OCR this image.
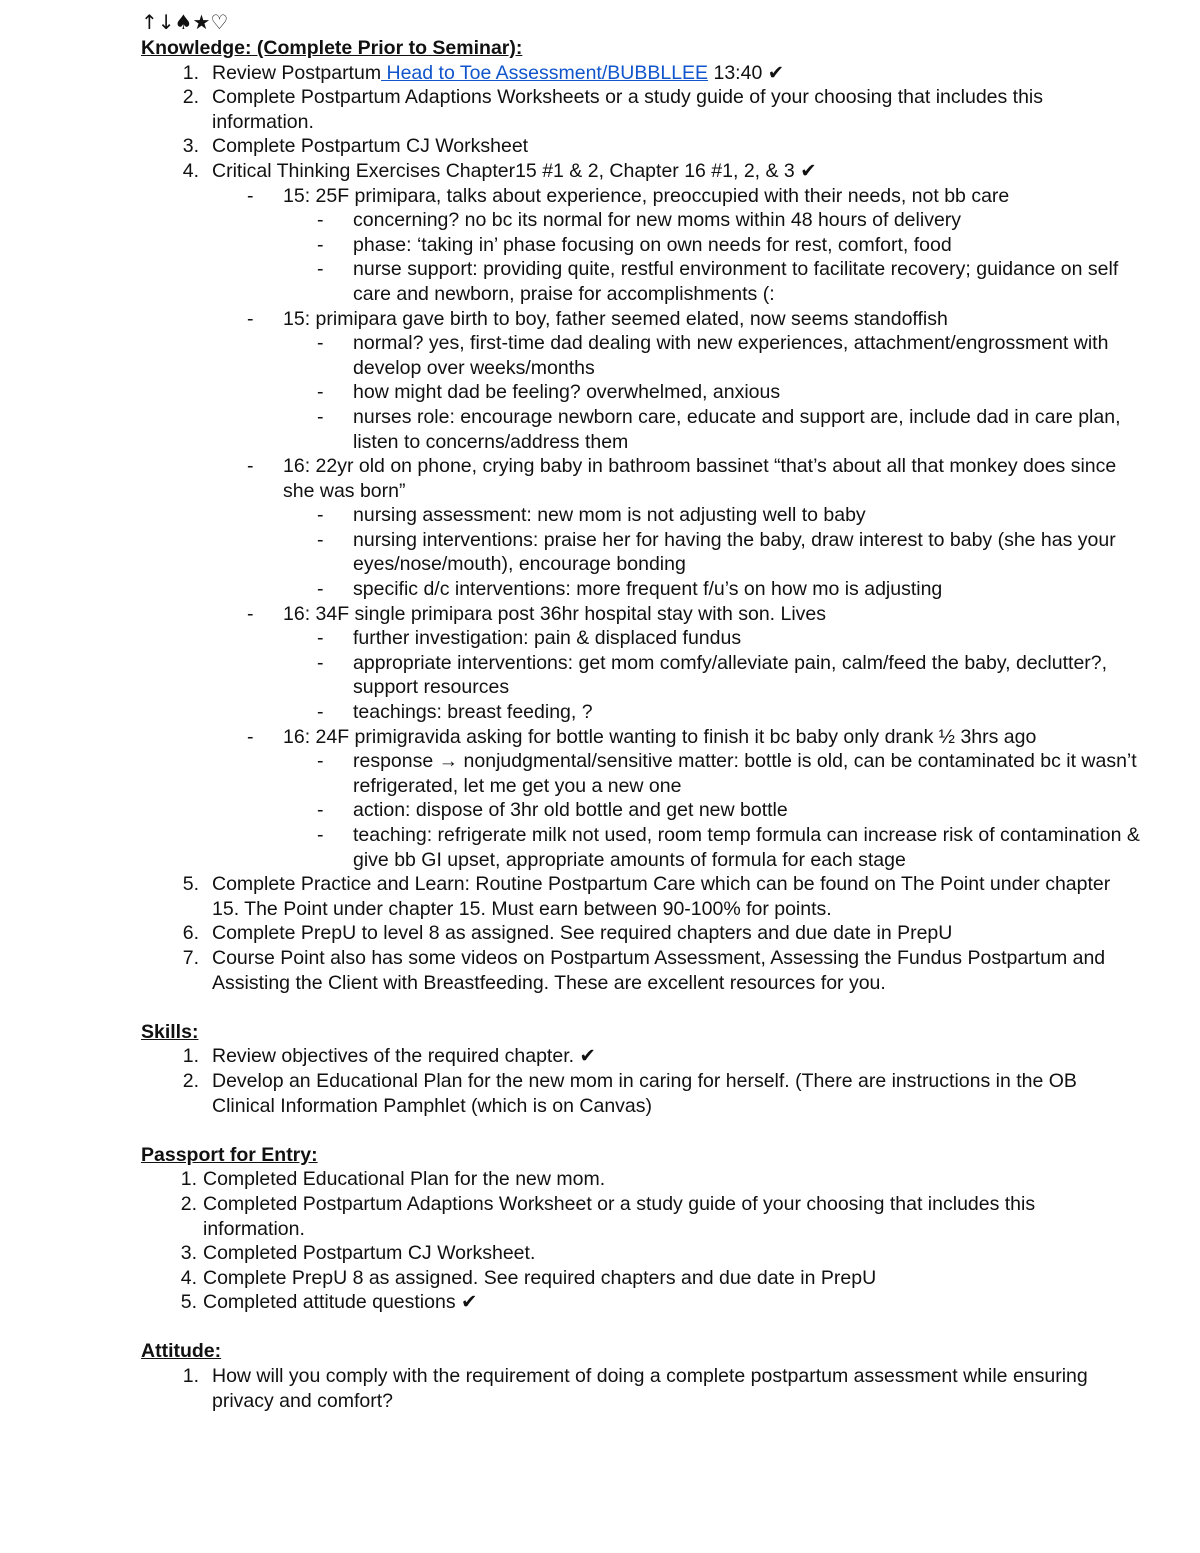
↑↓♠★♡

Knowledge: (Complete Prior to Seminar):

1. Review Postpartum Head to Toe Assessment/BUBBLLEE 13:40 ✔
2. Complete Postpartum Adaptions Worksheets or a study guide of your choosing that includes this information.
3. Complete Postpartum CJ Worksheet
4. Critical Thinking Exercises Chapter15 #1 & 2, Chapter 16 #1, 2, & 3 ✔
- 15: 25F primipara, talks about experience, preoccupied with their needs, not bb care
- concerning? no bc its normal for new moms within 48 hours of delivery
- phase: ‘taking in’ phase focusing on own needs for rest, comfort, food
- nurse support: providing quite, restful environment to facilitate recovery; guidance on self care and newborn, praise for accomplishments (:
- 15: primipara gave birth to boy, father seemed elated, now seems standoffish
- normal? yes, first-time dad dealing with new experiences, attachment/engrossment with develop over weeks/months
- how might dad be feeling? overwhelmed, anxious
- nurses role: encourage newborn care, educate and support are, include dad in care plan, listen to concerns/address them
- 16: 22yr old on phone, crying baby in bathroom bassinet “that’s about all that monkey does since she was born”
- nursing assessment: new mom is not adjusting well to baby
- nursing interventions: praise her for having the baby, draw interest to baby (she has your eyes/nose/mouth), encourage bonding
- specific d/c interventions: more frequent f/u’s on how mo is adjusting
- 16: 34F single primipara post 36hr hospital stay with son. Lives
- further investigation: pain & displaced fundus
- appropriate interventions: get mom comfy/alleviate pain, calm/feed the baby, declutter?, support resources
- teachings: breast feeding, ?
- 16: 24F primigravida asking for bottle wanting to finish it bc baby only drank ½ 3hrs ago
- response → nonjudgmental/sensitive matter: bottle is old, can be contaminated bc it wasn’t refrigerated, let me get you a new one
- action: dispose of 3hr old bottle and get new bottle
- teaching: refrigerate milk not used, room temp formula can increase risk of contamination & give bb GI upset, appropriate amounts of formula for each stage
5. Complete Practice and Learn: Routine Postpartum Care which can be found on The Point under chapter 15. The Point under chapter 15. Must earn between 90-100% for points.
6. Complete PrepU to level 8 as assigned. See required chapters and due date in PrepU
7. Course Point also has some videos on Postpartum Assessment, Assessing the Fundus Postpartum and Assisting the Client with Breastfeeding. These are excellent resources for you.

Skills:

1. Review objectives of the required chapter. ✔
2. Develop an Educational Plan for the new mom in caring for herself. (There are instructions in the OB Clinical Information Pamphlet (which is on Canvas)

Passport for Entry:

1. Completed Educational Plan for the new mom.
2. Completed Postpartum Adaptions Worksheet or a study guide of your choosing that includes this information.
3. Completed Postpartum CJ Worksheet.
4. Complete PrepU 8 as assigned. See required chapters and due date in PrepU
5. Completed attitude questions ✔

Attitude:

1. How will you comply with the requirement of doing a complete postpartum assessment while ensuring privacy and comfort?
